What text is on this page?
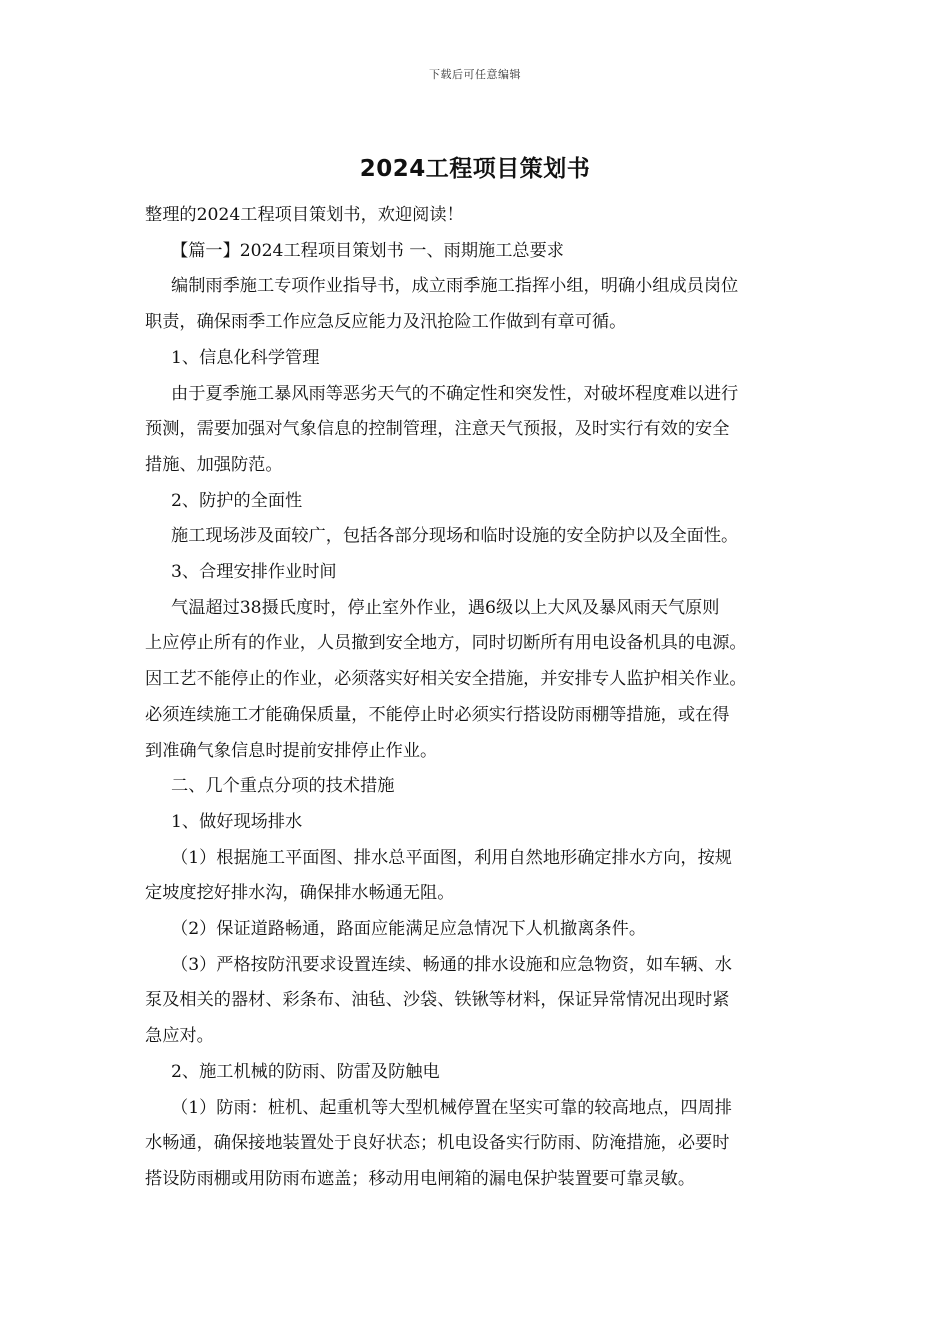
下载后可任意编辑
2024工程项目策划书

整理的2024工程项目策划书，欢迎阅读！

【篇一】2024工程项目策划书 一、雨期施工总要求

编制雨季施工专项作业指导书，成立雨季施工指挥小组，明确小组成员岗位

职责，确保雨季工作应急反应能力及汛抢险工作做到有章可循。

1、信息化科学管理

由于夏季施工暴风雨等恶劣天气的不确定性和突发性，对破坏程度难以进行

预测，需要加强对气象信息的控制管理，注意天气预报，及时实行有效的安全

措施、加强防范。

2、防护的全面性

施工现场涉及面较广，包括各部分现场和临时设施的安全防护以及全面性。

3、合理安排作业时间

气温超过38摄氏度时，停止室外作业，遇6级以上大风及暴风雨天气原则

上应停止所有的作业，人员撤到安全地方，同时切断所有用电设备机具的电源。

因工艺不能停止的作业，必须落实好相关安全措施，并安排专人监护相关作业。

必须连续施工才能确保质量，不能停止时必须实行搭设防雨棚等措施，或在得

到准确气象信息时提前安排停止作业。

二、几个重点分项的技术措施

1、做好现场排水

（1）根据施工平面图、排水总平面图，利用自然地形确定排水方向，按规

定坡度挖好排水沟，确保排水畅通无阻。

（2）保证道路畅通，路面应能满足应急情况下人机撤离条件。

（3）严格按防汛要求设置连续、畅通的排水设施和应急物资，如车辆、水

泵及相关的器材、彩条布、油毡、沙袋、铁锹等材料，保证异常情况出现时紧

急应对。

2、施工机械的防雨、防雷及防触电

（1）防雨：桩机、起重机等大型机械停置在坚实可靠的较高地点，四周排

水畅通，确保接地装置处于良好状态；机电设备实行防雨、防淹措施，必要时

搭设防雨棚或用防雨布遮盖；移动用电闸箱的漏电保护装置要可靠灵敏。
